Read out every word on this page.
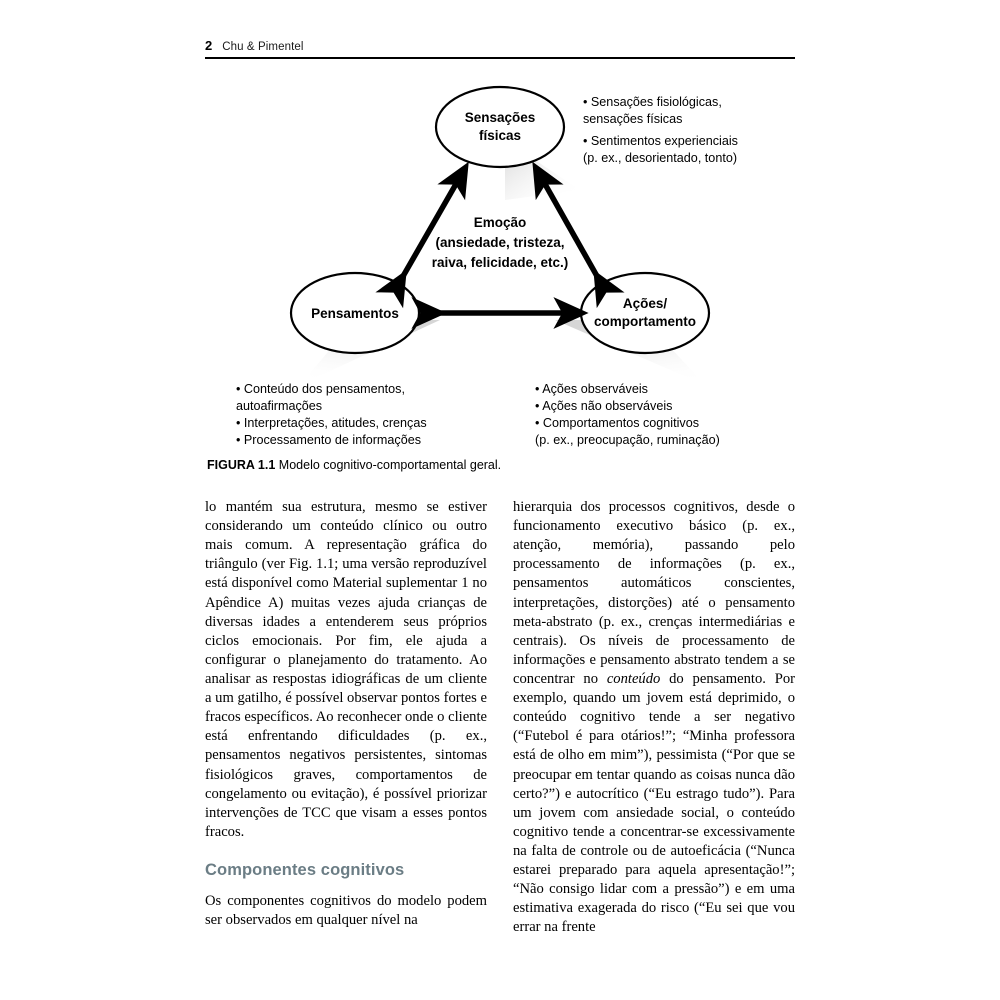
2 Chu & Pimentel
Sensações
físicas
Pensamentos
Ações/
comportamento
Emoção
(ansiedade, tristeza,
raiva, felicidade, etc.)
• Sensações fisiológicas,
sensações físicas
• Sentimentos experienciais
(p. ex., desorientado, tonto)
• Conteúdo dos pensamentos,
autoafirmações
• Interpretações, atitudes, crenças
• Processamento de informações
• Ações observáveis
• Ações não observáveis
• Comportamentos cognitivos
(p. ex., preocupação, ruminação)
FIGURA 1.1 Modelo cognitivo-comportamental geral.

lo mantém sua estrutura, mesmo se estiver considerando um conteúdo clínico ou outro mais comum. A representação gráfica do triângulo (ver Fig. 1.1; uma versão reproduzível está disponível como Material suplementar 1 no Apêndice A) muitas vezes ajuda crianças de diversas idades a entenderem seus próprios ciclos emocionais. Por fim, ele ajuda a configurar o planejamento do tratamento. Ao analisar as respostas idiográficas de um cliente a um gatilho, é possível observar pontos fortes e fracos específicos. Ao reconhecer onde o cliente está enfrentando dificuldades (p. ex., pensamentos negativos persistentes, sintomas fisiológicos graves, comportamentos de congelamento ou evitação), é possível priorizar intervenções de TCC que visam a esses pontos fracos.

Componentes cognitivos

Os componentes cognitivos do modelo podem ser observados em qualquer nível na

hierarquia dos processos cognitivos, desde o funcionamento executivo básico (p. ex., atenção, memória), passando pelo processamento de informações (p. ex., pensamentos automáticos conscientes, interpretações, distorções) até o pensamento meta-abstrato (p. ex., crenças intermediárias e centrais). Os níveis de processamento de informações e pensamento abstrato tendem a se concentrar no conteúdo do pensamento. Por exemplo, quando um jovem está deprimido, o conteúdo cognitivo tende a ser negativo (“Futebol é para otários!”; “Minha professora está de olho em mim”), pessimista (“Por que se preocupar em tentar quando as coisas nunca dão certo?”) e autocrítico (“Eu estrago tudo”). Para um jovem com ansiedade social, o conteúdo cognitivo tende a concentrar-se excessivamente na falta de controle ou de autoeficácia (“Nunca estarei preparado para aquela apresentação!”; “Não consigo lidar com a pressão”) e em uma estimativa exagerada do risco (“Eu sei que vou errar na frente
